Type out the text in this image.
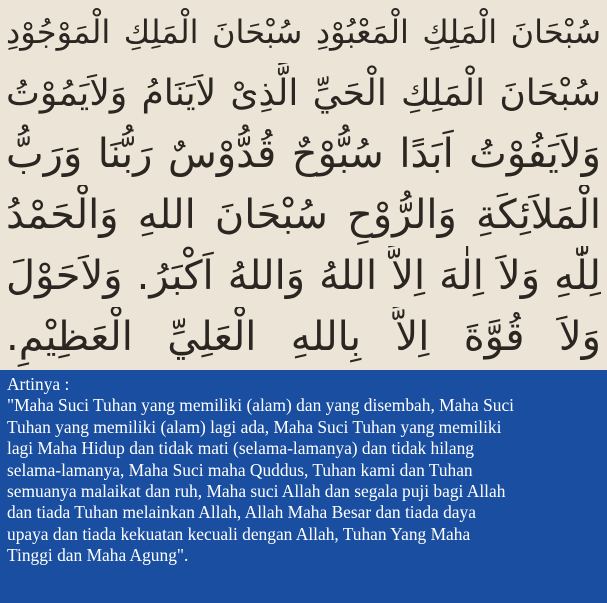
سُبْحَانَ الْمَلِكِ الْمَعْبُوْدِ سُبْحَانَ الْمَلِكِ الْمَوْجُوْدِ
سُبْحَانَ الْمَلِكِ الْحَيِّ الَّذِىْ لاَيَنَامُ وَلاَيَمُوْتُ
وَلاَيَفُوْتُ اَبَدًا سُبُّوْحٌ قُدُّوْسٌ رَبُّنَا وَرَبُّ
الْمَلاَئِكَةِ وَالرُّوْحِ سُبْحَانَ اللهِ وَالْحَمْدُ
لِلّٰهِ وَلاَ اِلٰهَ اِلاَّ اللهُ وَاللهُ اَكْبَرُ. وَلاَحَوْلَ
وَلاَ قُوَّةَ اِلاَّ بِاللهِ الْعَلِيِّ الْعَظِيْمِ.
Artinya :
"Maha Suci Tuhan yang memiliki (alam) dan yang disembah, Maha Suci
Tuhan yang memiliki (alam) lagi ada, Maha Suci Tuhan yang memiliki
lagi Maha Hidup dan tidak mati (selama-lamanya) dan tidak hilang
selama-lamanya, Maha Suci maha Quddus, Tuhan kami dan Tuhan
semuanya malaikat dan ruh, Maha suci Allah dan segala puji bagi Allah
dan tiada Tuhan melainkan Allah, Allah Maha Besar dan tiada daya
upaya dan tiada kekuatan kecuali dengan Allah, Tuhan Yang Maha
Tinggi dan Maha Agung".
